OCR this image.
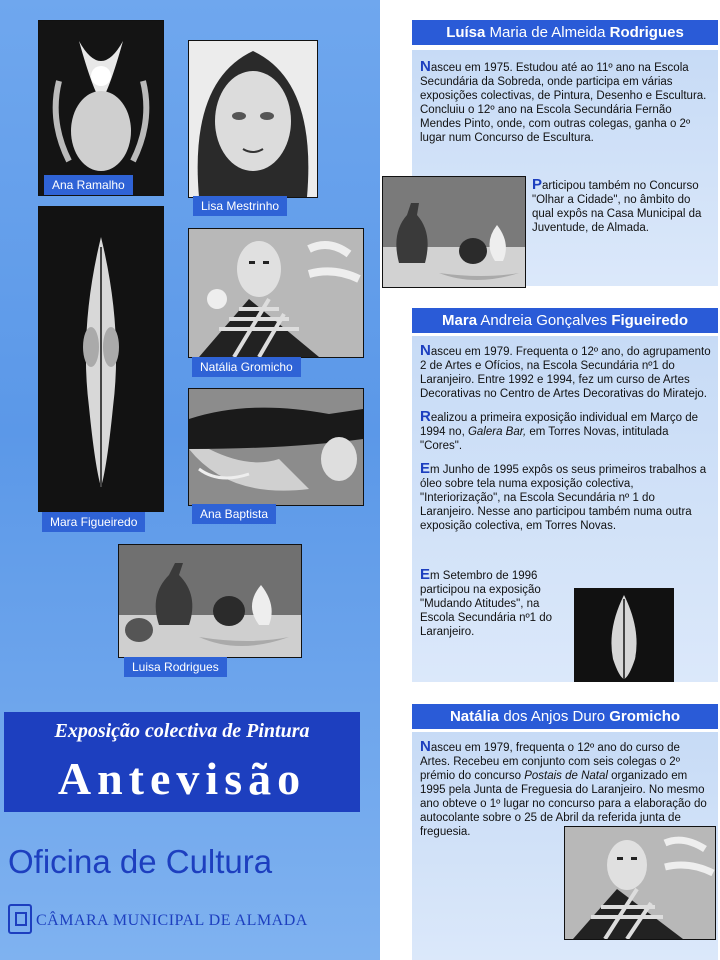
Ana Ramalho
Lisa Mestrinho
Mara Figueiredo
Natália Gromicho
Ana Baptista
Luisa Rodrigues
Exposição colectiva de Pintura
Antevisão
Oficina de Cultura
CÂMARA MUNICIPAL DE ALMADA
Luísa Maria de Almeida Rodrigues

Nasceu em 1975. Estudou até ao 11º ano na Escola Secundária da Sobreda, onde participa em várias exposições colectivas, de Pintura, Desenho e Escultura. Concluiu o 12º ano na Escola Secundária Fernão Mendes Pinto, onde, com outras colegas, ganha o 2º lugar num Concurso de Escultura.

Participou também no Concurso "Olhar a Cidade", no âmbito do qual expôs na Casa Municipal da Juventude, de Almada.

Mara Andreia Gonçalves Figueiredo

Nasceu em 1979. Frequenta o 12º ano, do agrupamento 2 de Artes e Ofícios, na Escola Secundária nº1 do Laranjeiro. Entre 1992 e 1994, fez um curso de Artes Decorativas no Centro de Artes Decorativas do Miratejo.

Realizou a primeira exposição individual em Março de 1994 no, Galera Bar, em Torres Novas, intitulada "Cores".

Em Junho de 1995 expôs os seus primeiros trabalhos a óleo sobre tela numa exposição colectiva, "Interiorização", na Escola Secundária nº 1 do Laranjeiro. Nesse ano participou também numa outra exposição colectiva, em Torres Novas.

Em Setembro de 1996 participou na exposição "Mudando Atitudes", na Escola Secundária nº1 do Laranjeiro.

Natália dos Anjos Duro Gromicho

Nasceu em 1979, frequenta o 12º ano do curso de Artes. Recebeu em conjunto com seis colegas o 2º prémio do concurso Postais de Natal organizado em 1995 pela Junta de Freguesia do Laranjeiro. No mesmo ano obteve o 1º lugar no concurso para a elaboração do autocolante sobre o 25 de Abril da referida junta de freguesia.
